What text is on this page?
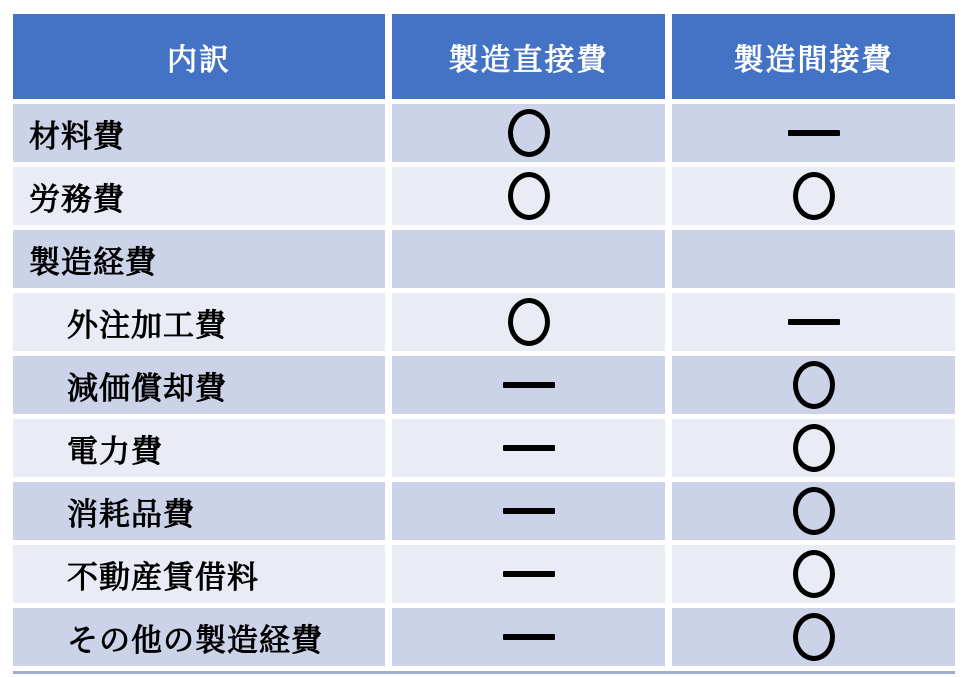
内訳	製造直接費	製造間接費
材料費
労務費
製造経費
外注加工費
減価償却費
電力費
消耗品費
不動産賃借料
その他の製造経費
